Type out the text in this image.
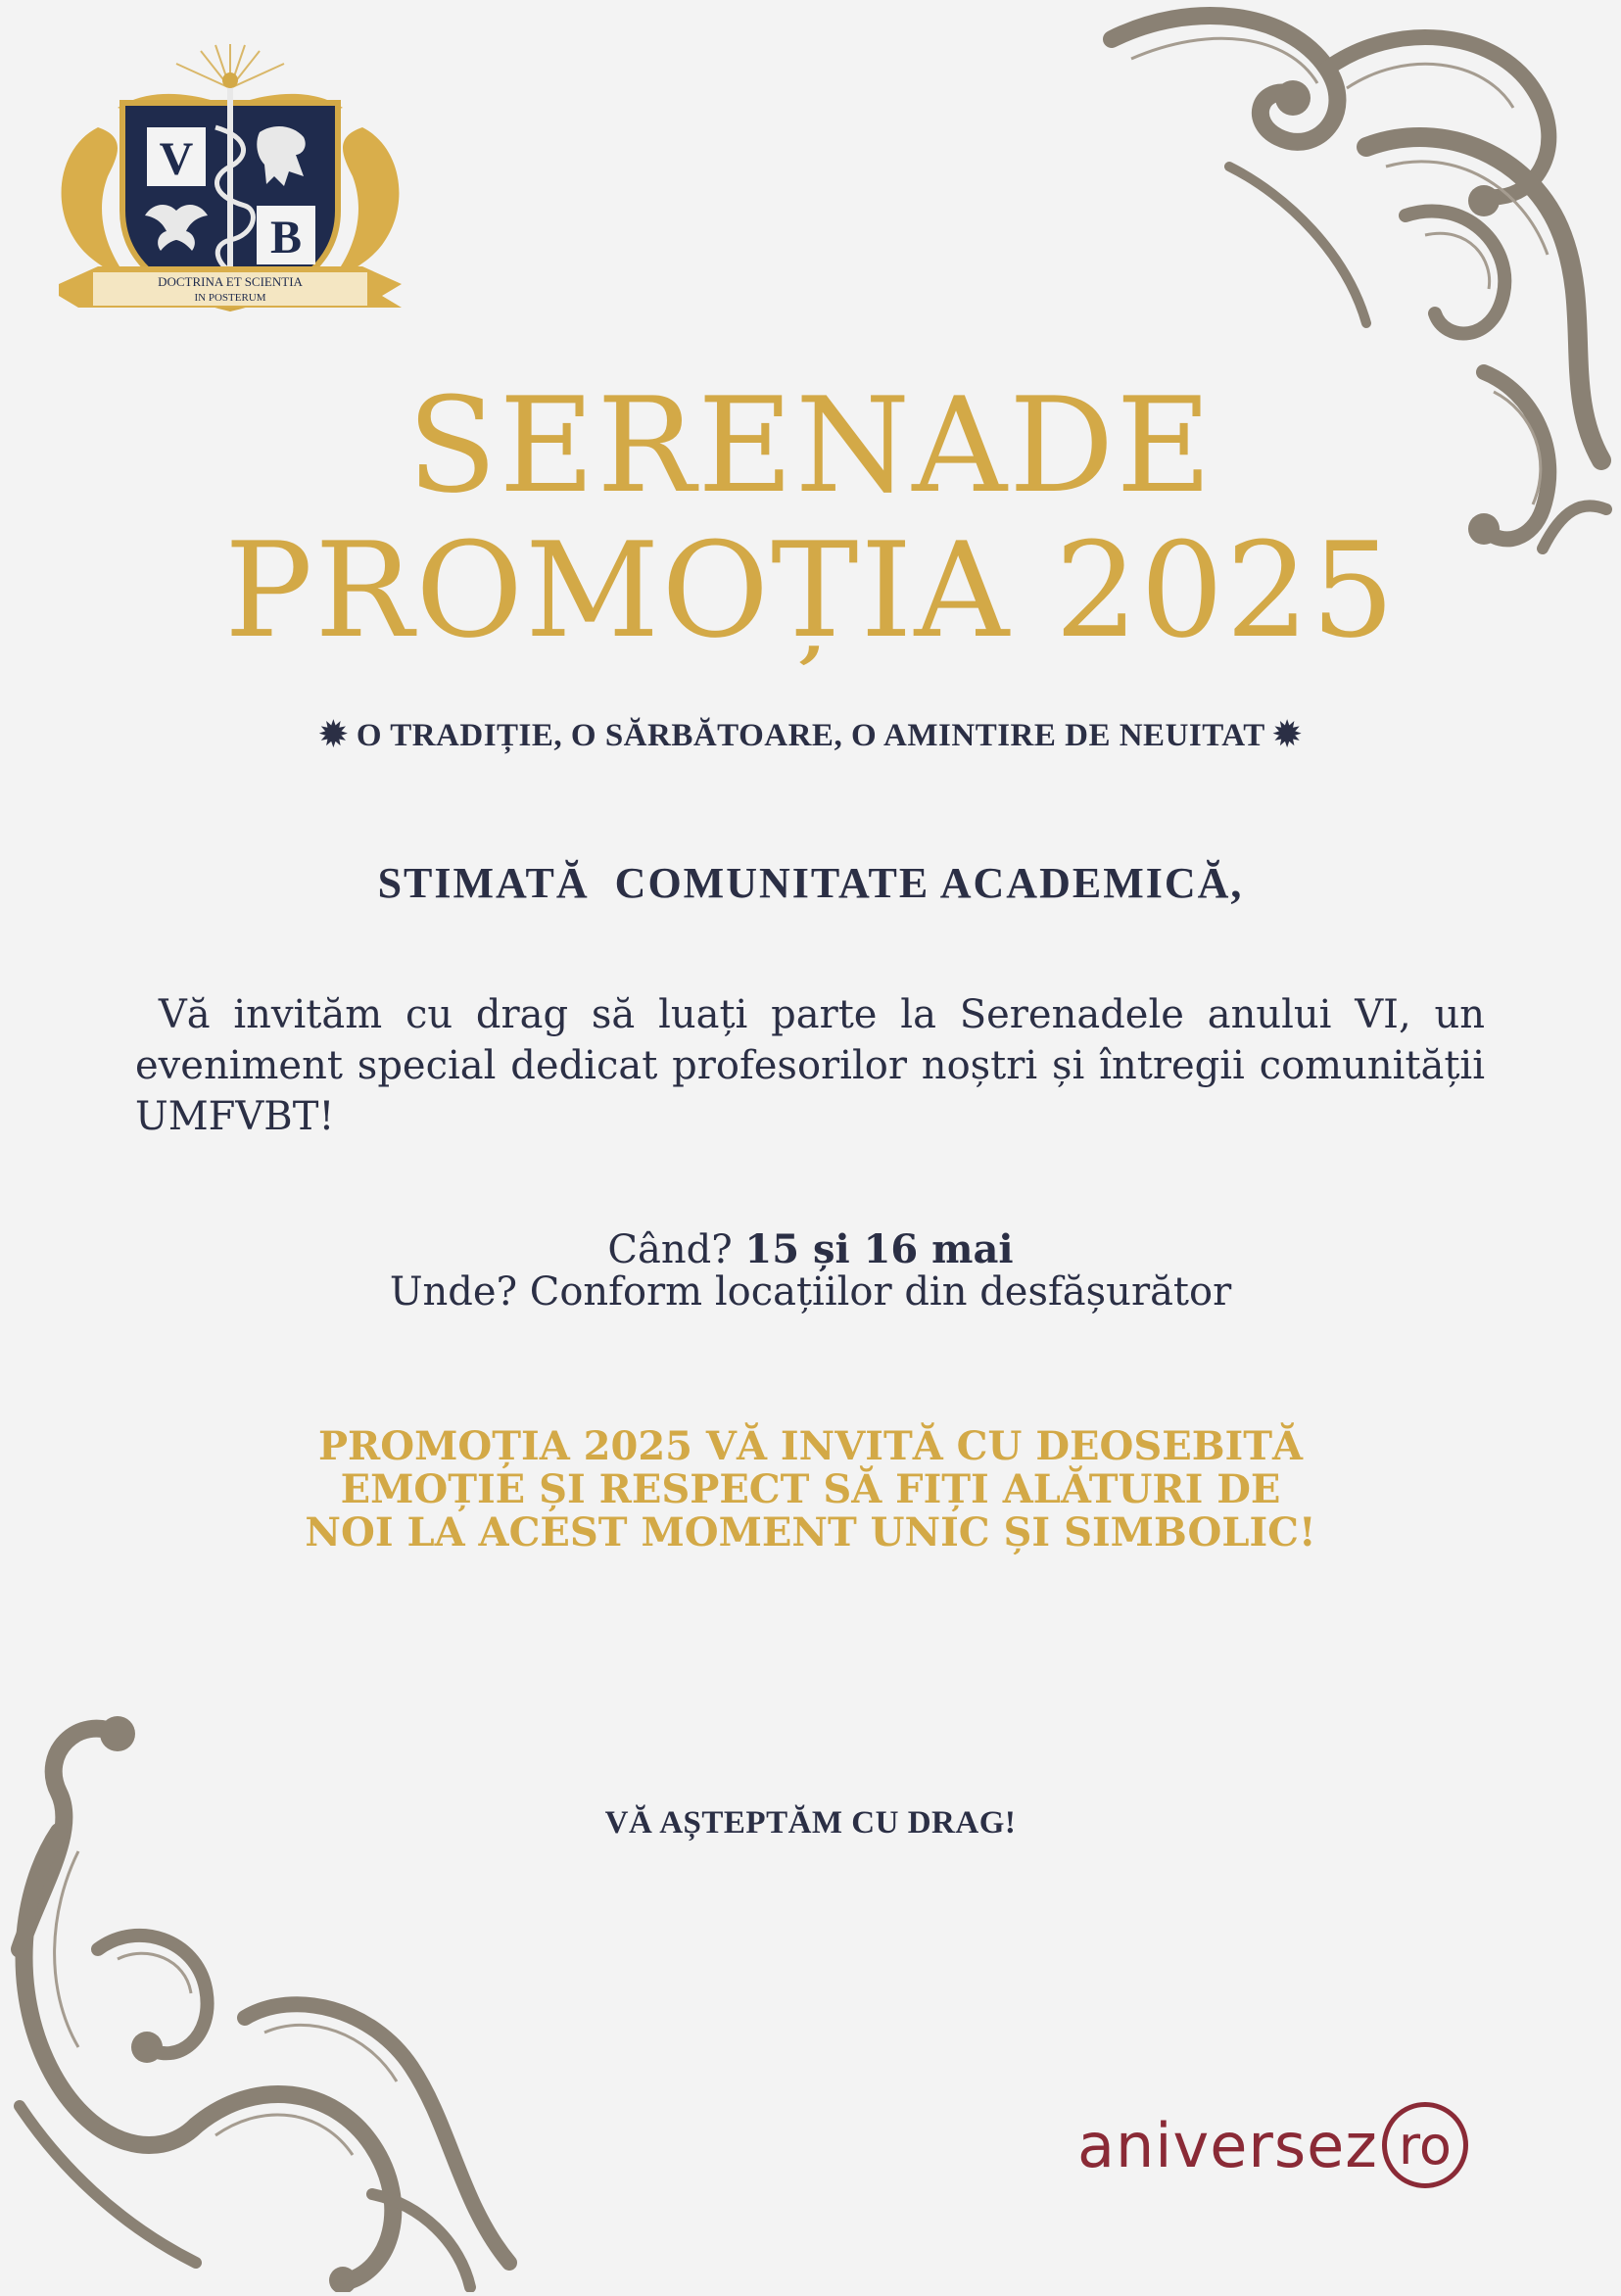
V
B
DOCTRINA ET SCIENTIA
IN POSTERUM
SERENADE
PROMOȚIA 2025
✹ O TRADIȚIE, O SĂRBĂTOARE, O AMINTIRE DE NEUITAT ✹
STIMATĂ  COMUNITATE ACADEMICĂ,
Vă invităm cu drag să luați parte la Serenadele anului VI, un eveniment special dedicat profesorilor noștri și întregii comunității UMFVBT!
Când? 15 și 16 mai
Unde? Conform locațiilor din desfășurător
PROMOȚIA 2025 VĂ INVITĂ CU DEOSEBITĂ
EMOȚIE ȘI RESPECT SĂ FIȚI ALĂTURI DE
NOI LA ACEST MOMENT UNIC ȘI SIMBOLIC!
VĂ AȘTEPTĂM CU DRAG!
aniversez ro
